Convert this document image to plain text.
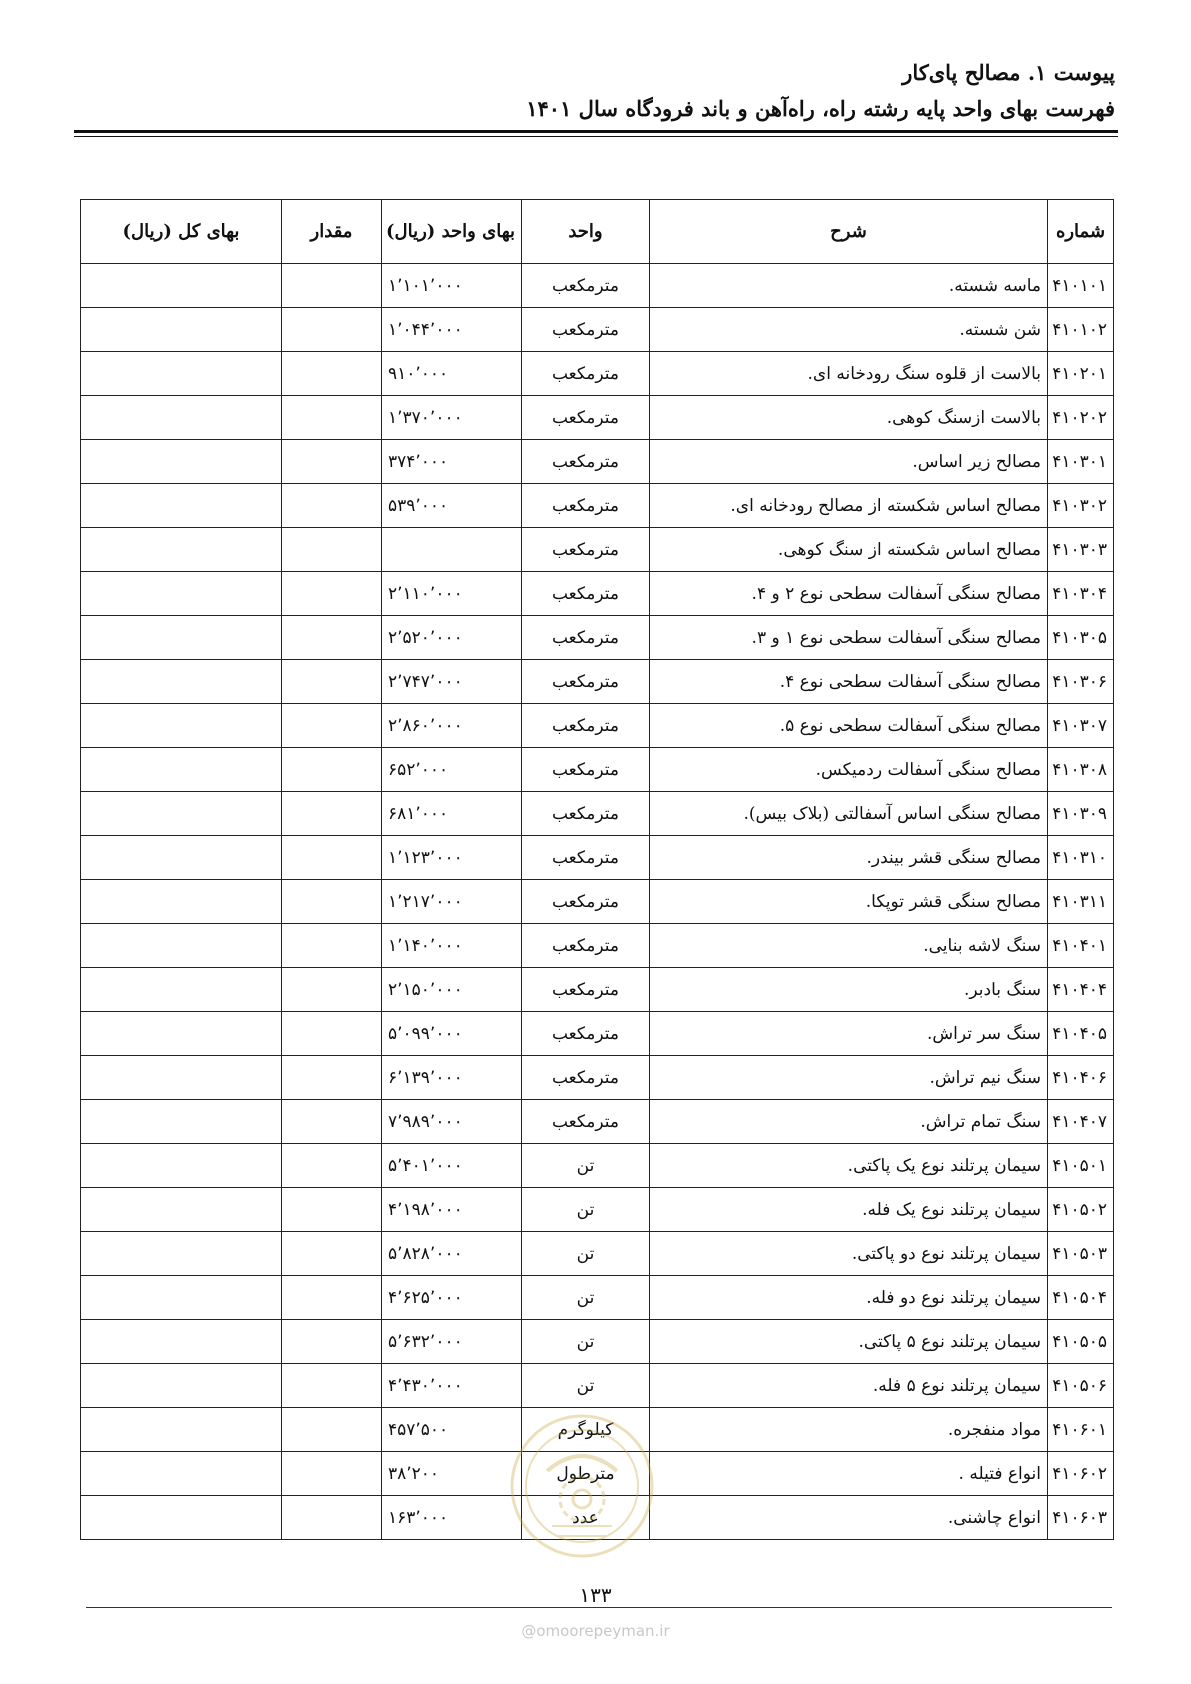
پیوست ۱. مصالح پای‌کار
فهرست بهای واحد پایه رشته راه، راه‌آهن و باند فرودگاه سال ۱۴۰۱
شماره	شرح	واحد	بهای واحد (ریال)	مقدار	بهای کل (ریال)
۴۱۰۱۰۱	ماسه شسته.	مترمکعب	۱٬۱۰۱٬۰۰۰		
۴۱۰۱۰۲	شن شسته.	مترمکعب	۱٬۰۴۴٬۰۰۰		
۴۱۰۲۰۱	بالاست از قلوه سنگ رودخانه ای.	مترمکعب	۹۱۰٬۰۰۰		
۴۱۰۲۰۲	بالاست ازسنگ کوهی.	مترمکعب	۱٬۳۷۰٬۰۰۰		
۴۱۰۳۰۱	مصالح زیر اساس.	مترمکعب	۳۷۴٬۰۰۰		
۴۱۰۳۰۲	مصالح اساس شکسته از مصالح رودخانه ای.	مترمکعب	۵۳۹٬۰۰۰		
۴۱۰۳۰۳	مصالح اساس شکسته از سنگ کوهی.	مترمکعب			
۴۱۰۳۰۴	مصالح سنگی آسفالت سطحی نوع ۲ و ۴.	مترمکعب	۲٬۱۱۰٬۰۰۰		
۴۱۰۳۰۵	مصالح سنگی آسفالت سطحی نوع ۱ و ۳.	مترمکعب	۲٬۵۲۰٬۰۰۰		
۴۱۰۳۰۶	مصالح سنگی آسفالت سطحی نوع ۴.	مترمکعب	۲٬۷۴۷٬۰۰۰		
۴۱۰۳۰۷	مصالح سنگی آسفالت سطحی نوع ۵.	مترمکعب	۲٬۸۶۰٬۰۰۰		
۴۱۰۳۰۸	مصالح سنگی آسفالت ردمیکس.	مترمکعب	۶۵۲٬۰۰۰		
۴۱۰۳۰۹	مصالح سنگی اساس آسفالتی (بلاک بیس).	مترمکعب	۶۸۱٬۰۰۰		
۴۱۰۳۱۰	مصالح سنگی قشر بیندر.	مترمکعب	۱٬۱۲۳٬۰۰۰		
۴۱۰۳۱۱	مصالح سنگی قشر توپکا.	مترمکعب	۱٬۲۱۷٬۰۰۰		
۴۱۰۴۰۱	سنگ لاشه بنایی.	مترمکعب	۱٬۱۴۰٬۰۰۰		
۴۱۰۴۰۴	سنگ بادبر.	مترمکعب	۲٬۱۵۰٬۰۰۰		
۴۱۰۴۰۵	سنگ سر تراش.	مترمکعب	۵٬۰۹۹٬۰۰۰		
۴۱۰۴۰۶	سنگ نیم تراش.	مترمکعب	۶٬۱۳۹٬۰۰۰		
۴۱۰۴۰۷	سنگ تمام تراش.	مترمکعب	۷٬۹۸۹٬۰۰۰		
۴۱۰۵۰۱	سیمان پرتلند نوع یک پاکتی.	تن	۵٬۴۰۱٬۰۰۰		
۴۱۰۵۰۲	سیمان پرتلند نوع یک فله.	تن	۴٬۱۹۸٬۰۰۰		
۴۱۰۵۰۳	سیمان پرتلند نوع دو پاکتی.	تن	۵٬۸۲۸٬۰۰۰		
۴۱۰۵۰۴	سیمان پرتلند نوع دو فله.	تن	۴٬۶۲۵٬۰۰۰		
۴۱۰۵۰۵	سیمان پرتلند نوع ۵ پاکتی.	تن	۵٬۶۳۲٬۰۰۰		
۴۱۰۵۰۶	سیمان پرتلند نوع ۵ فله.	تن	۴٬۴۳۰٬۰۰۰		
۴۱۰۶۰۱	مواد منفجره.	کیلوگرم	۴۵۷٬۵۰۰		
۴۱۰۶۰۲	انواع فتیله .	مترطول	۳۸٬۲۰۰		
۴۱۰۶۰۳	انواع چاشنی.	عدد	۱۶۳٬۰۰۰		
۱۳۳
@omoorepeyman.ir
